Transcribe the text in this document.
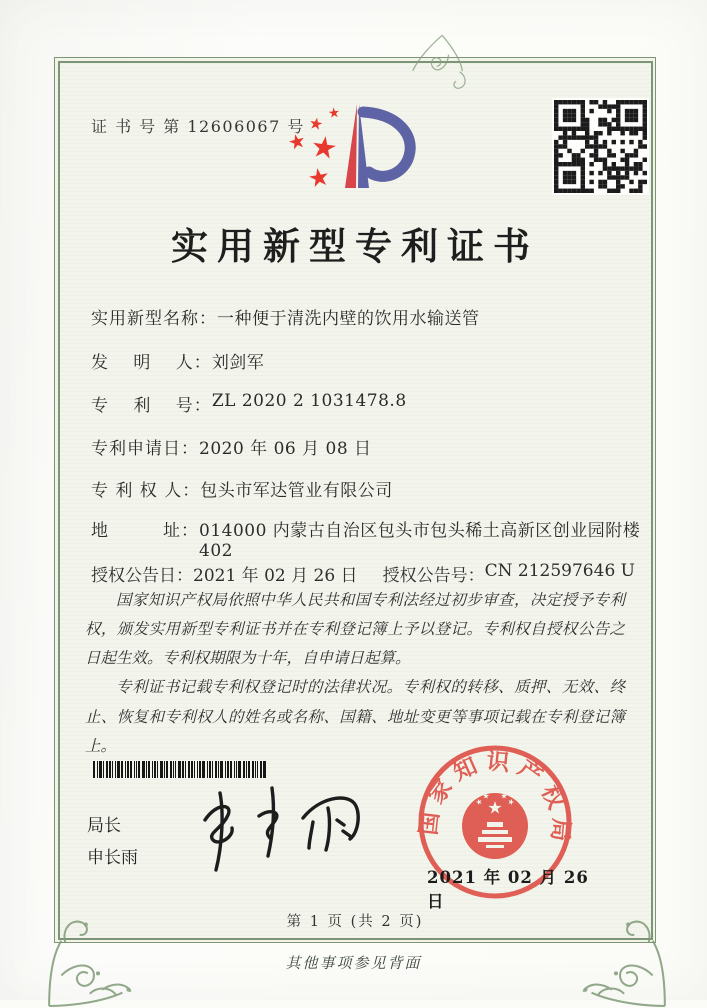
证 书 号 第 12606067 号
实用新型专利证书
实用新型名称： 一种便于清洗内壁的饮用水输送管
发　 明 　人： 刘剑军
专　 利 　号： ZL 2020 2 1031478.8
专利申请日： 2020 年 06 月 08 日
专 利 权 人： 包头市军达管业有限公司
地　　　址： 014000 内蒙古自治区包头市包头稀土高新区创业园附楼402
授权公告日： 2021 年 02 月 26 日 授权公告号： CN 212597646 U

国家知识产权局依照中华人民共和国专利法经过初步审查，决定授予专利权，颁发实用新型专利证书并在专利登记簿上予以登记。专利权自授权公告之日起生效。专利权期限为十年，自申请日起算。

专利证书记载专利权登记时的法律状况。专利权的转移、质押、无效、终止、恢复和专利权人的姓名或名称、国籍、地址变更等事项记载在专利登记簿上。

局长
申长雨
国家知识产权局
2021 年 02 月 26 日
第 1 页 (共 2 页)
其他事项参见背面
